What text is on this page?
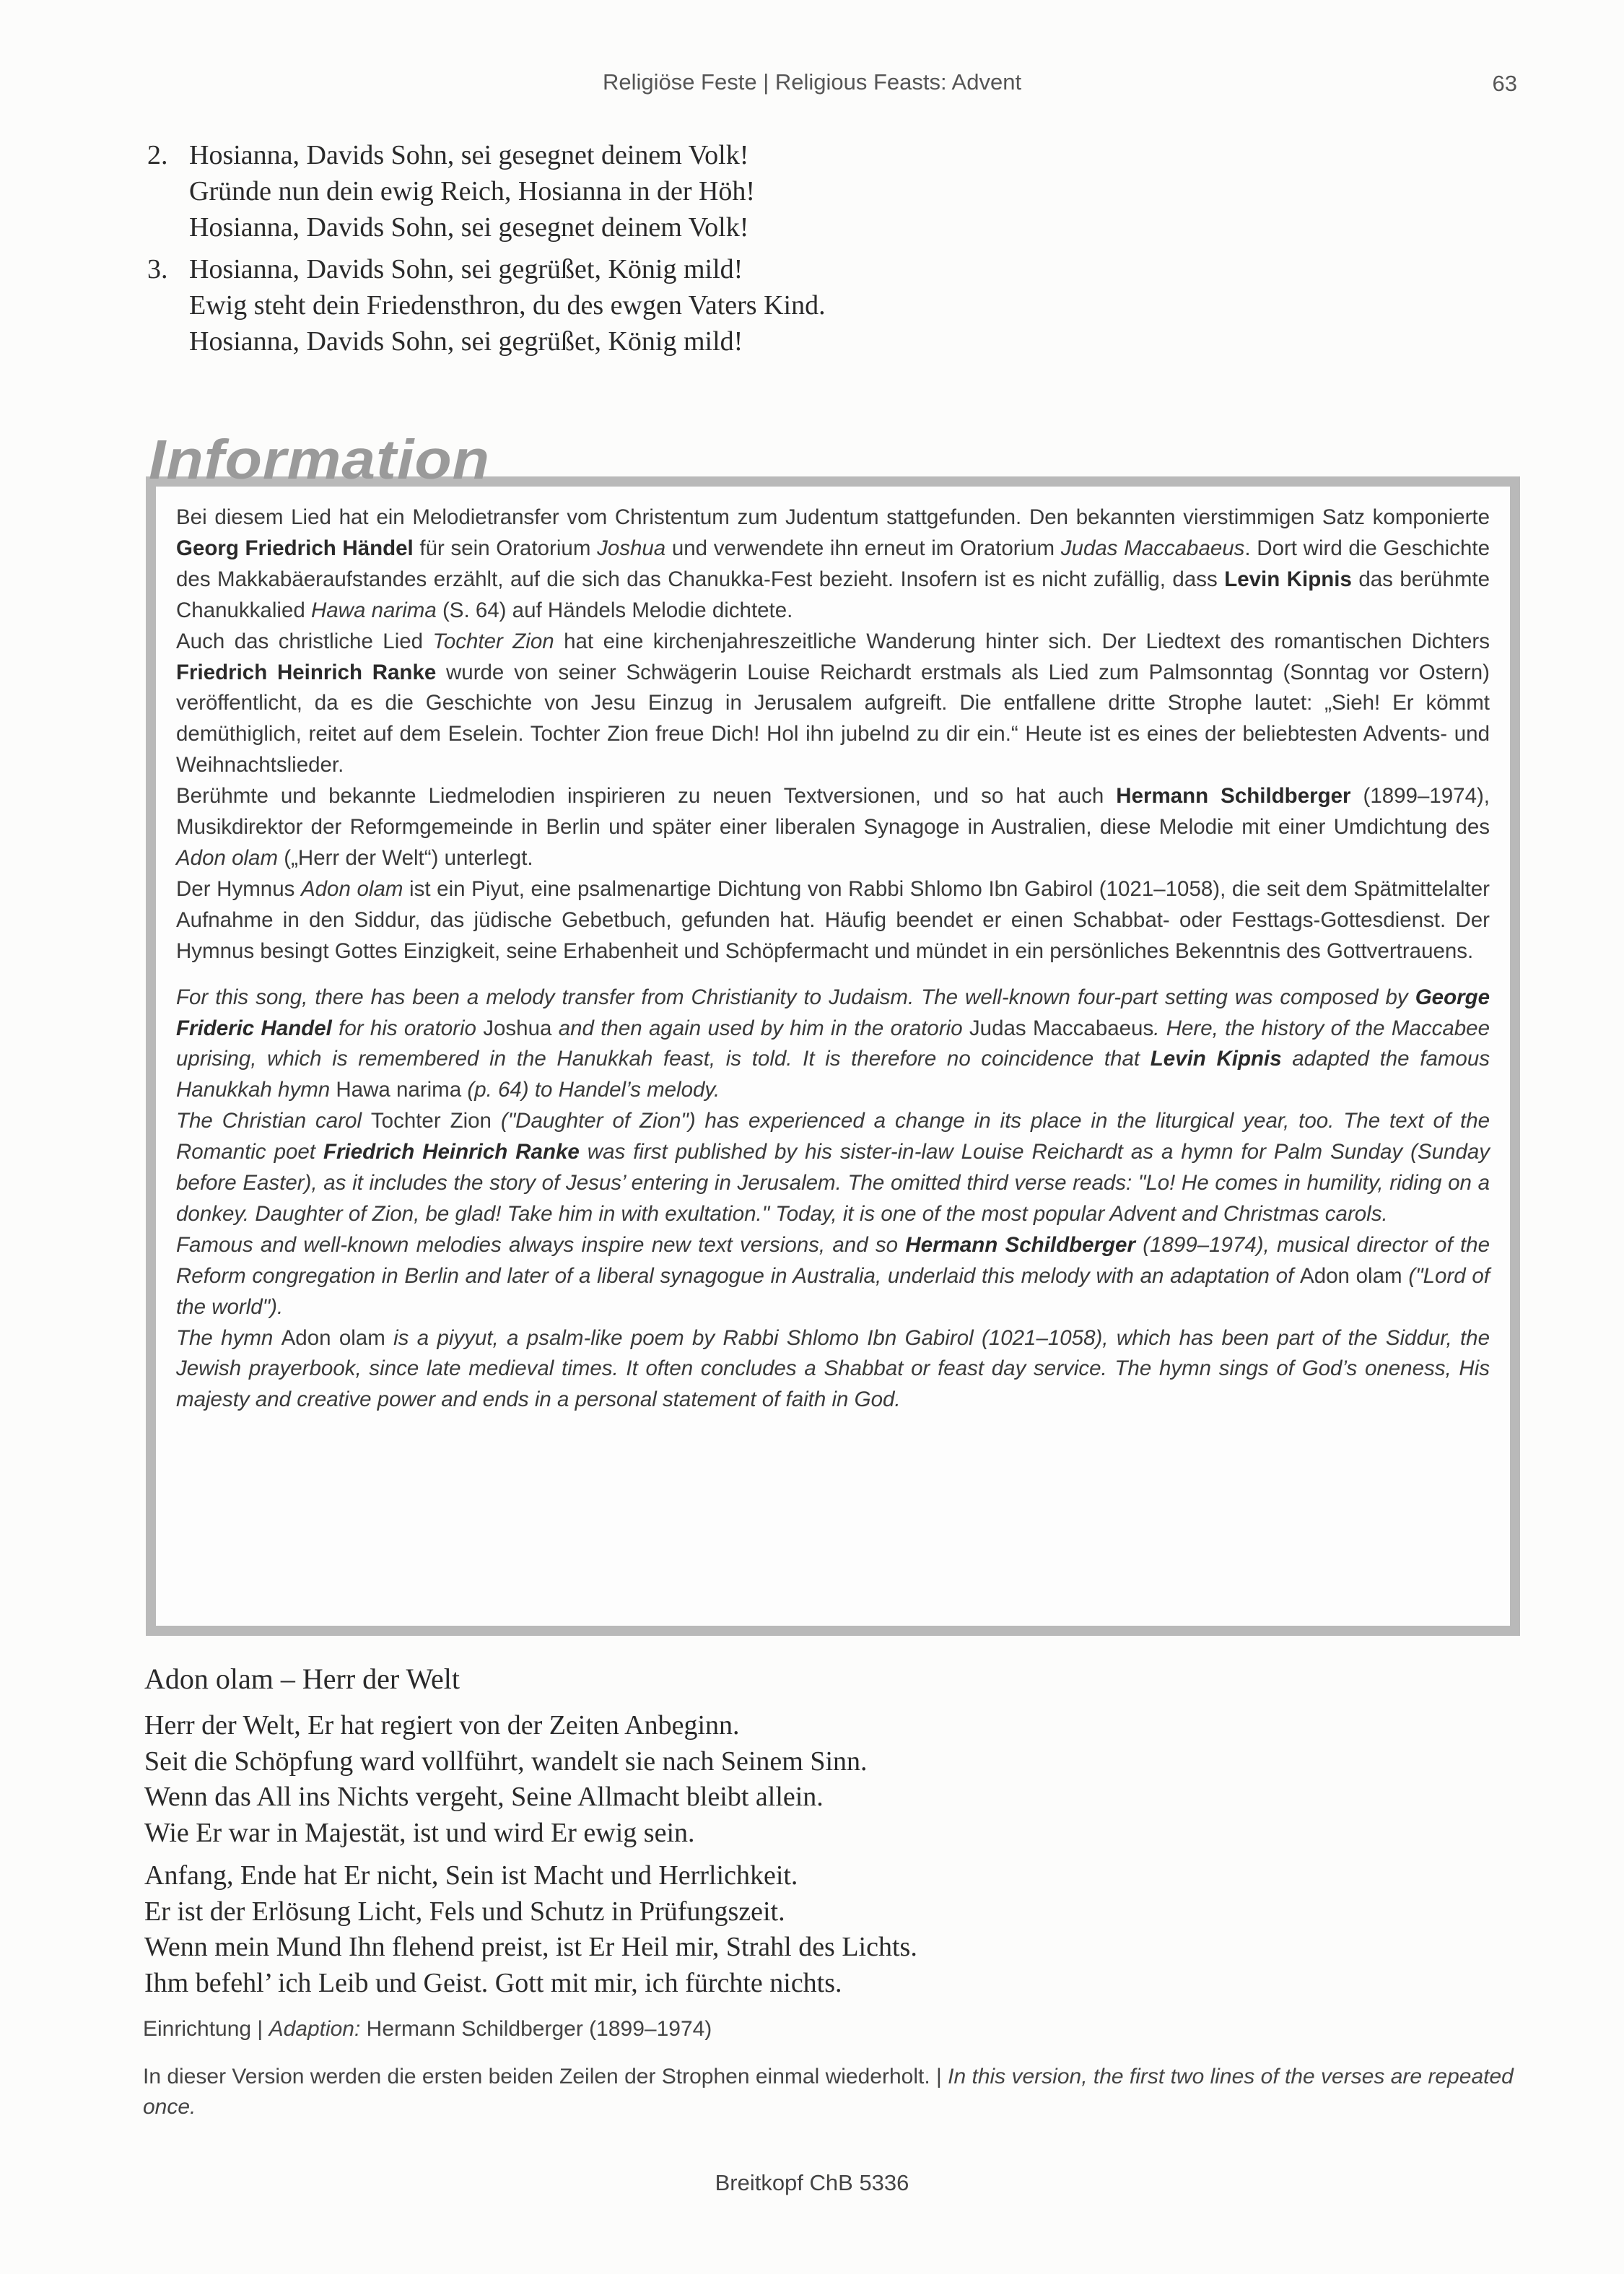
Religiöse Feste | Religious Feasts: Advent	63
2. Hosianna, Davids Sohn, sei gesegnet deinem Volk!
Gründe nun dein ewig Reich, Hosianna in der Höh!
Hosianna, Davids Sohn, sei gesegnet deinem Volk!
3. Hosianna, Davids Sohn, sei gegrüßet, König mild!
Ewig steht dein Friedensthron, du des ewgen Vaters Kind.
Hosianna, Davids Sohn, sei gegrüßet, König mild!

Bei diesem Lied hat ein Melodietransfer vom Christentum zum Judentum stattgefunden. Den bekannten vierstimmigen Satz komponierte Georg Friedrich Händel für sein Oratorium Joshua und verwendete ihn erneut im Oratorium Judas Maccabaeus. Dort wird die Geschichte des Makkabäeraufstandes erzählt, auf die sich das Chanukka-Fest bezieht. Insofern ist es nicht zufällig, dass Levin Kipnis das berühmte Chanukkalied Hawa narima (S. 64) auf Händels Melodie dichtete.

Auch das christliche Lied Tochter Zion hat eine kirchenjahreszeitliche Wanderung hinter sich. Der Liedtext des romantischen Dichters Friedrich Heinrich Ranke wurde von seiner Schwägerin Louise Reichardt erstmals als Lied zum Palmsonntag (Sonntag vor Ostern) veröffentlicht, da es die Geschichte von Jesu Einzug in Jerusalem aufgreift. Die entfallene dritte Strophe lautet: „Sieh! Er kömmt demüthiglich, reitet auf dem Eselein. Tochter Zion freue Dich! Hol ihn jubelnd zu dir ein.“ Heute ist es eines der beliebtesten Advents- und Weihnachtslieder.

Berühmte und bekannte Liedmelodien inspirieren zu neuen Textversionen, und so hat auch Hermann Schildberger (1899–1974), Musikdirektor der Reformgemeinde in Berlin und später einer liberalen Synagoge in Australien, diese Melodie mit einer Umdichtung des Adon olam („Herr der Welt“) unterlegt.

Der Hymnus Adon olam ist ein Piyut, eine psalmenartige Dichtung von Rabbi Shlomo Ibn Gabirol (1021–1058), die seit dem Spätmittelalter Aufnahme in den Siddur, das jüdische Gebetbuch, gefunden hat. Häufig beendet er einen Schabbat- oder Festtags-Gottesdienst. Der Hymnus besingt Gottes Einzigkeit, seine Erhabenheit und Schöpfermacht und mündet in ein persönliches Bekenntnis des Gottvertrauens.

For this song, there has been a melody transfer from Christianity to Judaism. The well-known four-part setting was composed by George Frideric Handel for his oratorio Joshua and then again used by him in the oratorio Judas Maccabaeus. Here, the history of the Maccabee uprising, which is remembered in the Hanukkah feast, is told. It is therefore no coincidence that Levin Kipnis adapted the famous Hanukkah hymn Hawa narima (p. 64) to Handel’s melody.

The Christian carol Tochter Zion ("Daughter of Zion") has experienced a change in its place in the liturgical year, too. The text of the Romantic poet Friedrich Heinrich Ranke was first published by his sister-in-law Louise Reichardt as a hymn for Palm Sunday (Sunday before Easter), as it includes the story of Jesus’ entering in Jerusalem. The omitted third verse reads: "Lo! He comes in humility, riding on a donkey. Daughter of Zion, be glad! Take him in with exultation." Today, it is one of the most popular Advent and Christmas carols.

Famous and well-known melodies always inspire new text versions, and so Hermann Schildberger (1899–1974), musical director of the Reform congregation in Berlin and later of a liberal synagogue in Australia, underlaid this melody with an adaptation of Adon olam ("Lord of the world").

The hymn Adon olam is a piyyut, a psalm-like poem by Rabbi Shlomo Ibn Gabirol (1021–1058), which has been part of the Siddur, the Jewish prayerbook, since late medieval times. It often concludes a Shabbat or feast day service. The hymn sings of God’s oneness, His majesty and creative power and ends in a personal statement of faith in God.

Information
Adon olam – Herr der Welt
Herr der Welt, Er hat regiert von der Zeiten Anbeginn.
Seit die Schöpfung ward vollführt, wandelt sie nach Seinem Sinn.
Wenn das All ins Nichts vergeht, Seine Allmacht bleibt allein.
Wie Er war in Majestät, ist und wird Er ewig sein.
Anfang, Ende hat Er nicht, Sein ist Macht und Herrlichkeit.
Er ist der Erlösung Licht, Fels und Schutz in Prüfungszeit.
Wenn mein Mund Ihn flehend preist, ist Er Heil mir, Strahl des Lichts.
Ihm befehl’ ich Leib und Geist. Gott mit mir, ich fürchte nichts.
Einrichtung | Adaption: Hermann Schildberger (1899–1974)
In dieser Version werden die ersten beiden Zeilen der Strophen einmal wiederholt. | In this version, the first two lines of the verses are repeated once.
Breitkopf ChB 5336
